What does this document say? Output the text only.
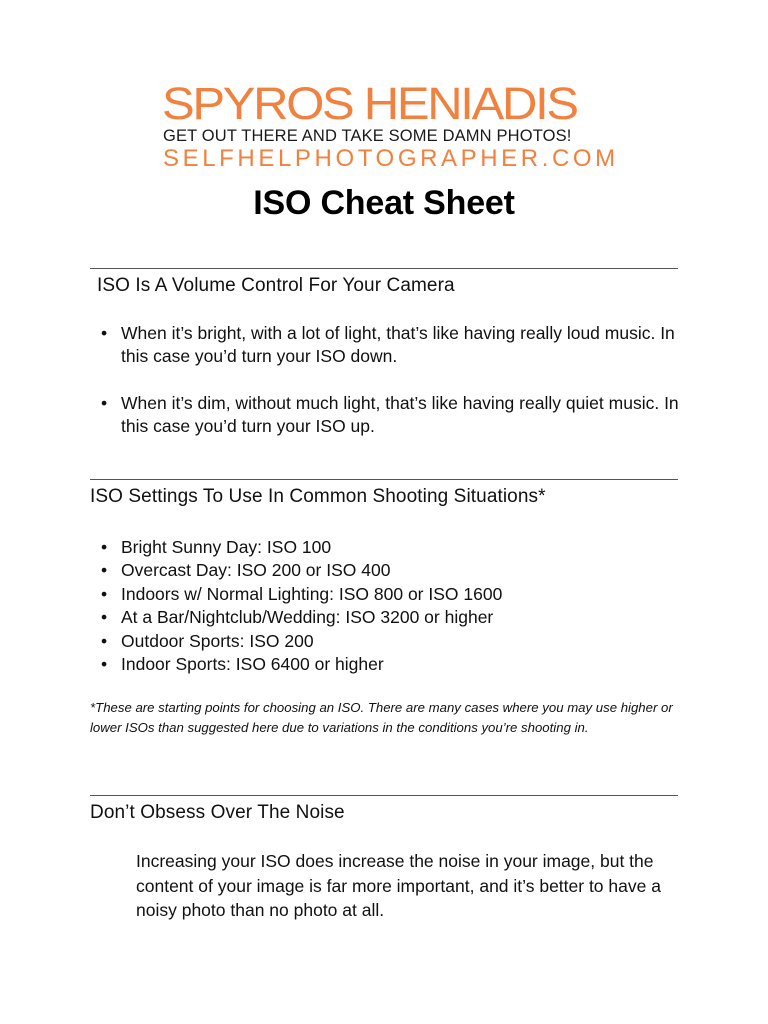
SPYROS HENIADIS
GET OUT THERE AND TAKE SOME DAMN PHOTOS!
SELFHELPHOTOGRAPHER.COM
ISO Cheat Sheet
ISO Is A Volume Control For Your Camera
• When it’s bright, with a lot of light, that’s like having really loud music. In this case you’d turn your ISO down.
• When it’s dim, without much light, that’s like having really quiet music. In this case you’d turn your ISO up.
ISO Settings To Use In Common Shooting Situations*
• Bright Sunny Day: ISO 100
• Overcast Day: ISO 200 or ISO 400
• Indoors w/ Normal Lighting: ISO 800 or ISO 1600
• At a Bar/Nightclub/Wedding: ISO 3200 or higher
• Outdoor Sports: ISO 200
• Indoor Sports: ISO 6400 or higher

*These are starting points for choosing an ISO. There are many cases where you may use higher or lower ISOs than suggested here due to variations in the conditions you’re shooting in.

Don’t Obsess Over The Noise

Increasing your ISO does increase the noise in your image, but the content of your image is far more important, and it’s better to have a noisy photo than no photo at all.
